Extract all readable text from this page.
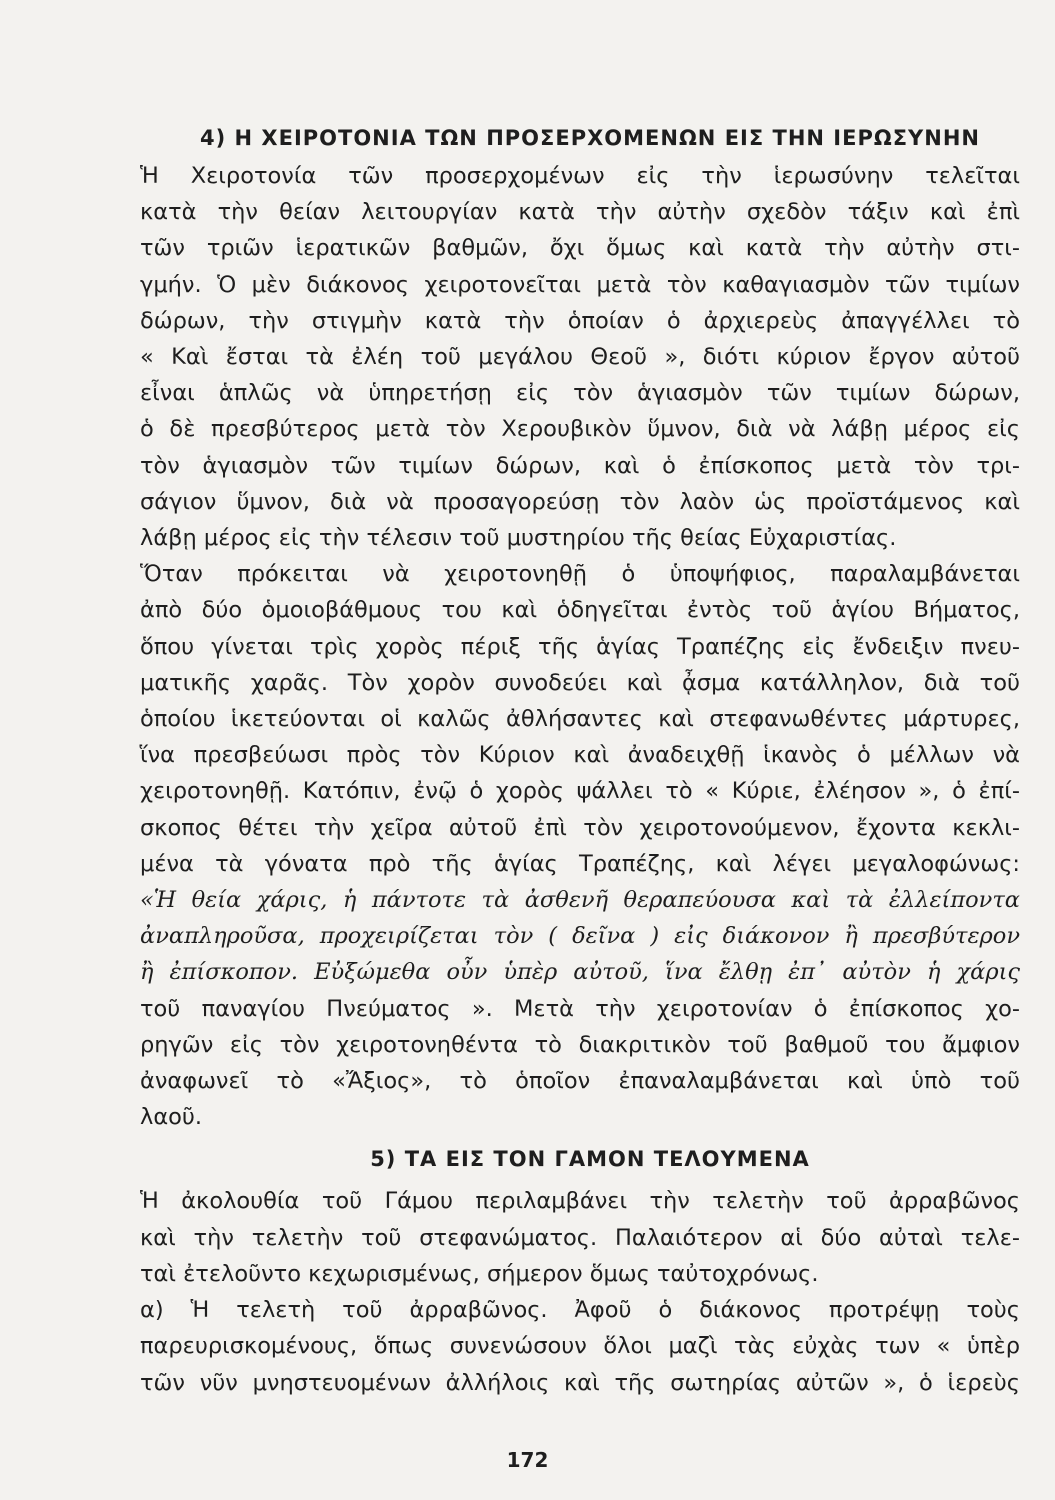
4) Η ΧΕΙΡΟΤΟΝΙΑ ΤΩΝ ΠΡΟΣΕΡΧΟΜΕΝΩΝ ΕΙΣ ΤΗΝ ΙΕΡΩΣΥΝΗΝ
Ἡ Χειροτονία τῶν προσερχομένων εἰς τὴν ἱερωσύνην τελεῖται
κατὰ τὴν θείαν λειτουργίαν κατὰ τὴν αὐτὴν σχεδὸν τάξιν καὶ ἐπὶ
τῶν τριῶν ἱερατικῶν βαθμῶν, ὄχι ὅμως καὶ κατὰ τὴν αὐτὴν στι-
γμήν. Ὁ μὲν διάκονος χειροτονεῖται μετὰ τὸν καθαγιασμὸν τῶν τιμίων
δώρων, τὴν στιγμὴν κατὰ τὴν ὁποίαν ὁ ἀρχιερεὺς ἀπαγγέλλει τὸ
« Καὶ ἔσται τὰ ἐλέη τοῦ μεγάλου Θεοῦ », διότι κύριον ἔργον αὐτοῦ
εἶναι ἁπλῶς νὰ ὑπηρετήσῃ εἰς τὸν ἁγιασμὸν τῶν τιμίων δώρων,
ὁ δὲ πρεσβύτερος μετὰ τὸν Χερουβικὸν ὕμνον, διὰ νὰ λάβῃ μέρος εἰς
τὸν ἁγιασμὸν τῶν τιμίων δώρων, καὶ ὁ ἐπίσκοπος μετὰ τὸν τρι-
σάγιον ὕμνον, διὰ νὰ προσαγορεύσῃ τὸν λαὸν ὡς προϊστάμενος καὶ
λάβῃ μέρος εἰς τὴν τέλεσιν τοῦ μυστηρίου τῆς θείας Εὐχαριστίας.
Ὅταν πρόκειται νὰ χειροτονηθῇ ὁ ὑποψήφιος, παραλαμβάνεται
ἀπὸ δύο ὁμοιοβάθμους του καὶ ὁδηγεῖται ἐντὸς τοῦ ἁγίου Βήματος,
ὅπου γίνεται τρὶς χορὸς πέριξ τῆς ἁγίας Τραπέζης εἰς ἔνδειξιν πνευ-
ματικῆς χαρᾶς. Τὸν χορὸν συνοδεύει καὶ ᾆσμα κατάλληλον, διὰ τοῦ
ὁποίου ἱκετεύονται οἱ καλῶς ἀθλήσαντες καὶ στεφανωθέντες μάρτυρες,
ἵνα πρεσβεύωσι πρὸς τὸν Κύριον καὶ ἀναδειχθῇ ἱκανὸς ὁ μέλλων νὰ
χειροτονηθῇ. Κατόπιν, ἐνῷ ὁ χορὸς ψάλλει τὸ « Κύριε, ἐλέησον », ὁ ἐπί-
σκοπος θέτει τὴν χεῖρα αὐτοῦ ἐπὶ τὸν χειροτονούμενον, ἔχοντα κεκλι-
μένα τὰ γόνατα πρὸ τῆς ἁγίας Τραπέζης, καὶ λέγει μεγαλοφώνως:
«Ἡ θεία χάρις, ἡ πάντοτε τὰ ἀσθενῆ θεραπεύουσα καὶ τὰ ἐλλείποντα
ἀναπληροῦσα, προχειρίζεται τὸν ( δεῖνα ) εἰς διάκονον ἢ πρεσβύτερον
ἢ ἐπίσκοπον. Εὐξώμεθα οὖν ὑπὲρ αὐτοῦ, ἵνα ἔλθῃ ἐπ᾿ αὐτὸν ἡ χάρις
τοῦ παναγίου Πνεύματος ». Μετὰ τὴν χειροτονίαν ὁ ἐπίσκοπος χο-
ρηγῶν εἰς τὸν χειροτονηθέντα τὸ διακριτικὸν τοῦ βαθμοῦ του ἄμφιον
ἀναφωνεῖ τὸ «Ἄξιος», τὸ ὁποῖον ἐπαναλαμβάνεται καὶ ὑπὸ τοῦ
λαοῦ.
5) ΤΑ ΕΙΣ ΤΟΝ ΓΑΜΟΝ ΤΕΛΟΥΜΕΝΑ
Ἡ ἀκολουθία τοῦ Γάμου περιλαμβάνει τὴν τελετὴν τοῦ ἀρραβῶνος
καὶ τὴν τελετὴν τοῦ στεφανώματος. Παλαιότερον αἱ δύο αὐταὶ τελε-
ταὶ ἐτελοῦντο κεχωρισμένως, σήμερον ὅμως ταὐτοχρόνως.
α) Ἡ τελετὴ τοῦ ἀρραβῶνος. Ἀφοῦ ὁ διάκονος προτρέψῃ τοὺς
παρευρισκομένους, ὅπως συνενώσουν ὅλοι μαζὶ τὰς εὐχὰς των « ὑπὲρ
τῶν νῦν μνηστευομένων ἀλλήλοις καὶ τῆς σωτηρίας αὐτῶν », ὁ ἱερεὺς
172
